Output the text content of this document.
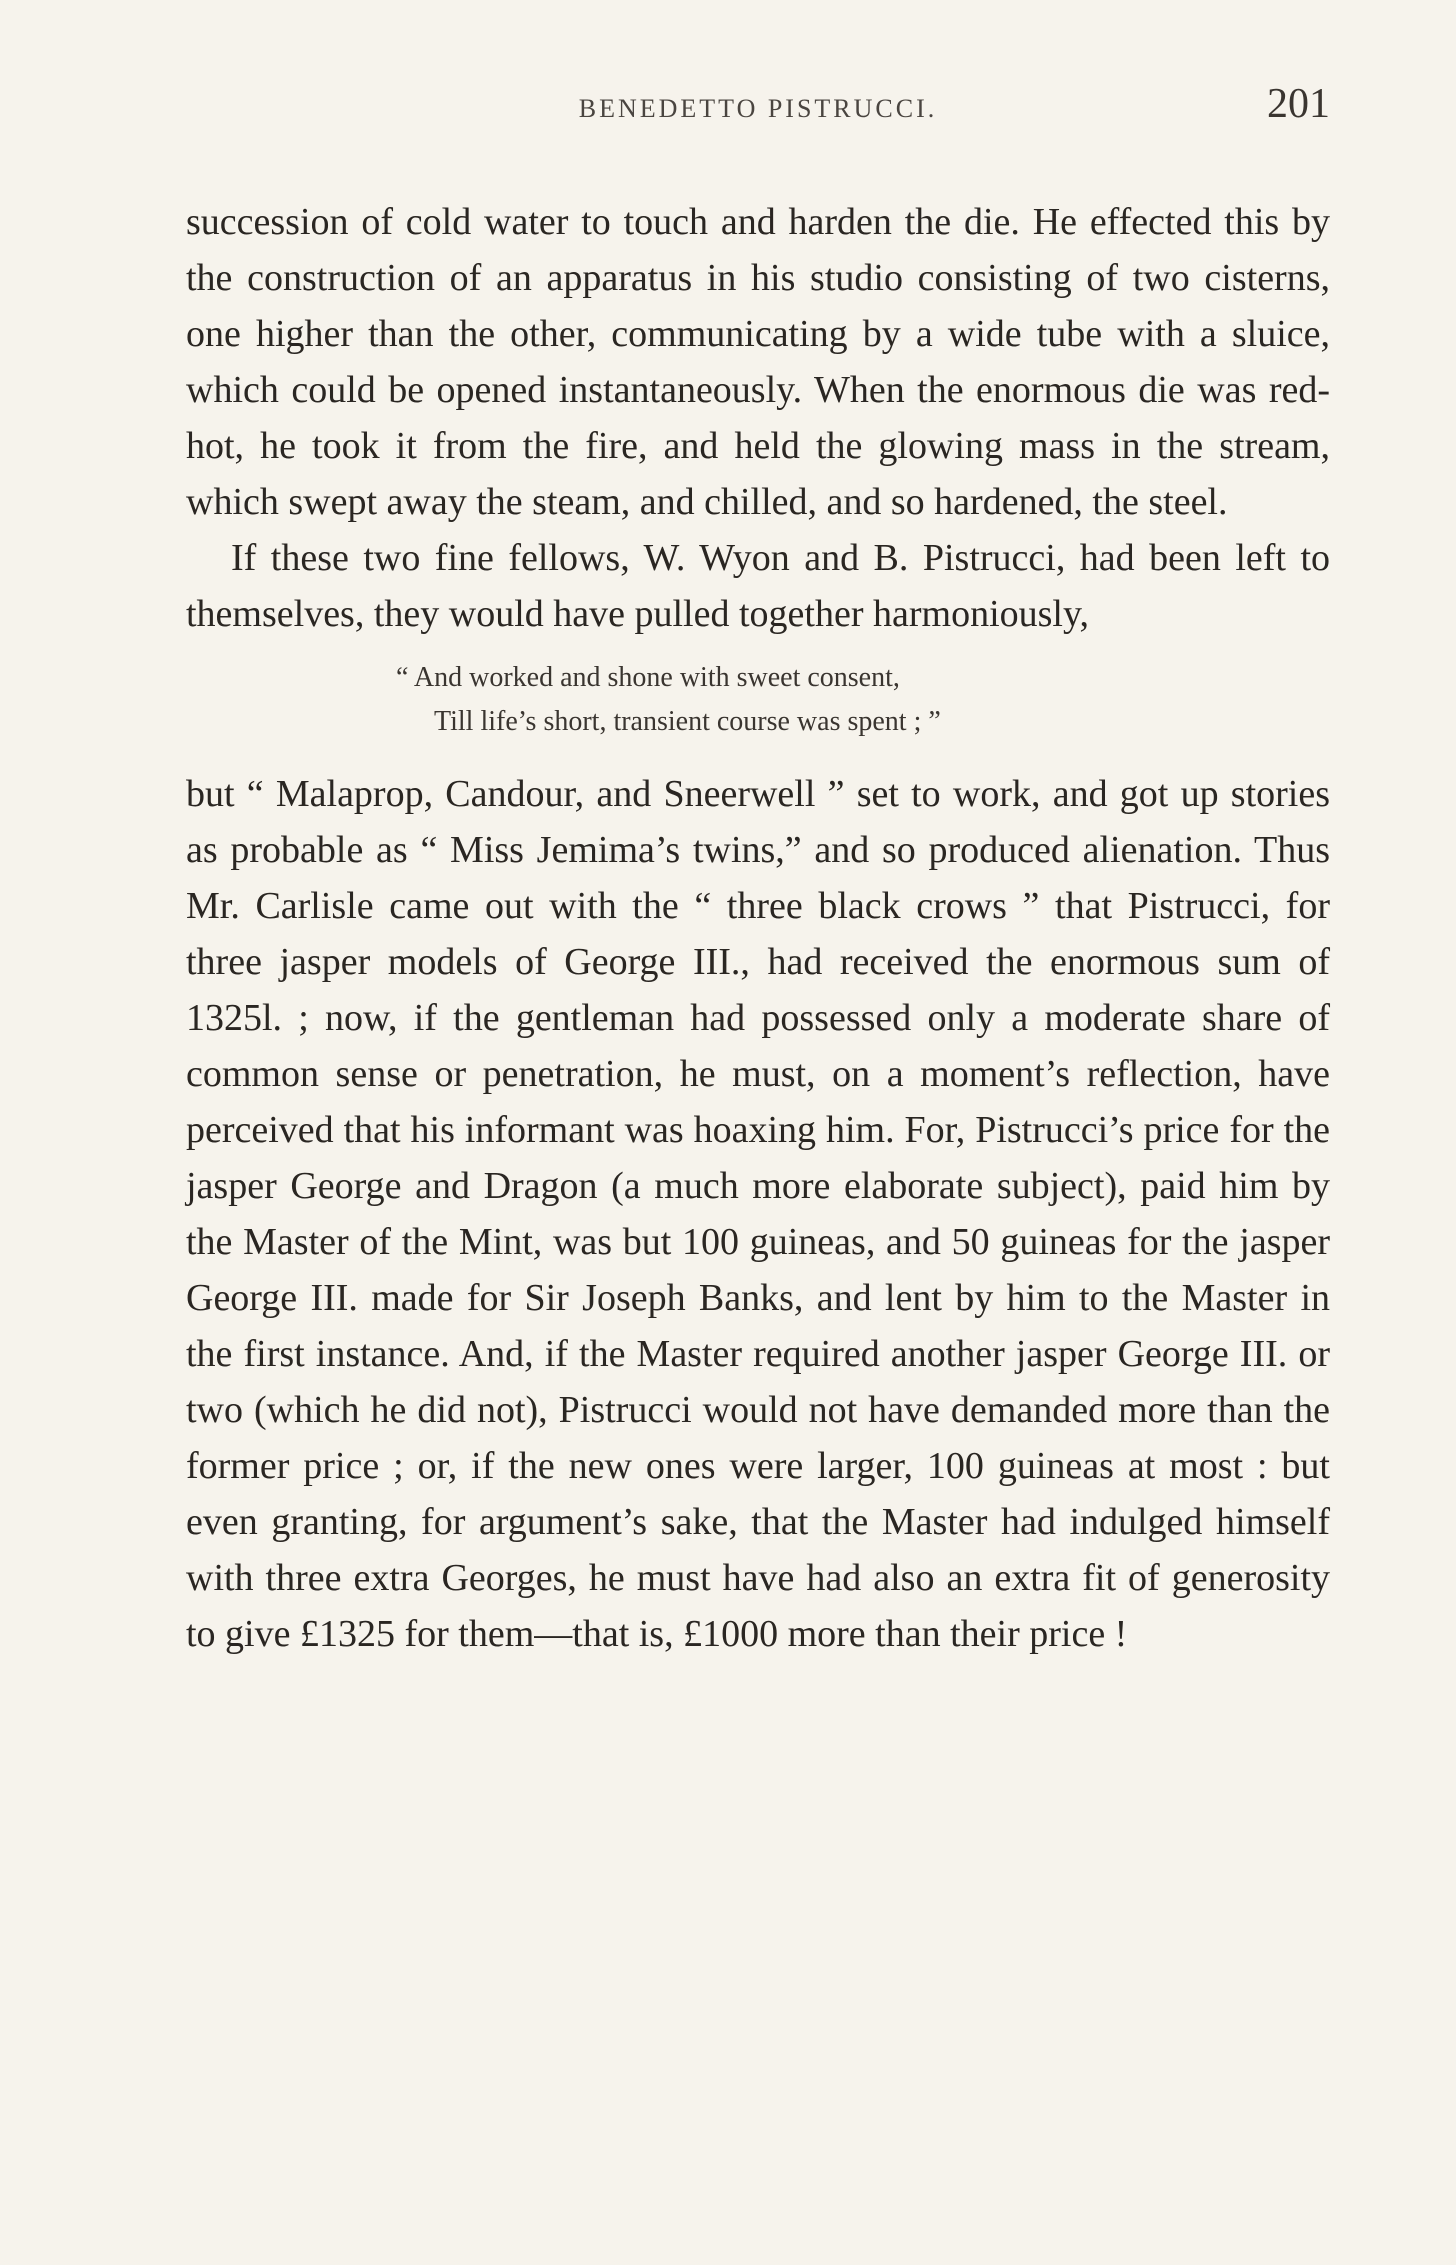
BENEDETTO PISTRUCCI.	201

succession of cold water to touch and harden the die. He effected this by the construction of an apparatus in his studio consisting of two cisterns, one higher than the other, communicating by a wide tube with a sluice, which could be opened instantaneously. When the enormous die was red-hot, he took it from the fire, and held the glowing mass in the stream, which swept away the steam, and chilled, and so hardened, the steel.

If these two fine fellows, W. Wyon and B. Pistrucci, had been left to themselves, they would have pulled together harmoniously,

“ And worked and shone with sweet consent,
Till life’s short, transient course was spent ; ”

but “ Malaprop, Candour, and Sneerwell ” set to work, and got up stories as probable as “ Miss Jemima’s twins,” and so produced alienation. Thus Mr. Carlisle came out with the “ three black crows ” that Pistrucci, for three jasper models of George III., had received the enormous sum of 1325l. ; now, if the gentleman had possessed only a moderate share of common sense or penetration, he must, on a moment’s reflection, have perceived that his informant was hoaxing him. For, Pistrucci’s price for the jasper George and Dragon (a much more elaborate subject), paid him by the Master of the Mint, was but 100 guineas, and 50 guineas for the jasper George III. made for Sir Joseph Banks, and lent by him to the Master in the first instance. And, if the Master required another jasper George III. or two (which he did not), Pistrucci would not have demanded more than the former price ; or, if the new ones were larger, 100 guineas at most : but even granting, for argument’s sake, that the Master had indulged himself with three extra Georges, he must have had also an extra fit of generosity to give £1325 for them—that is, £1000 more than their price !
